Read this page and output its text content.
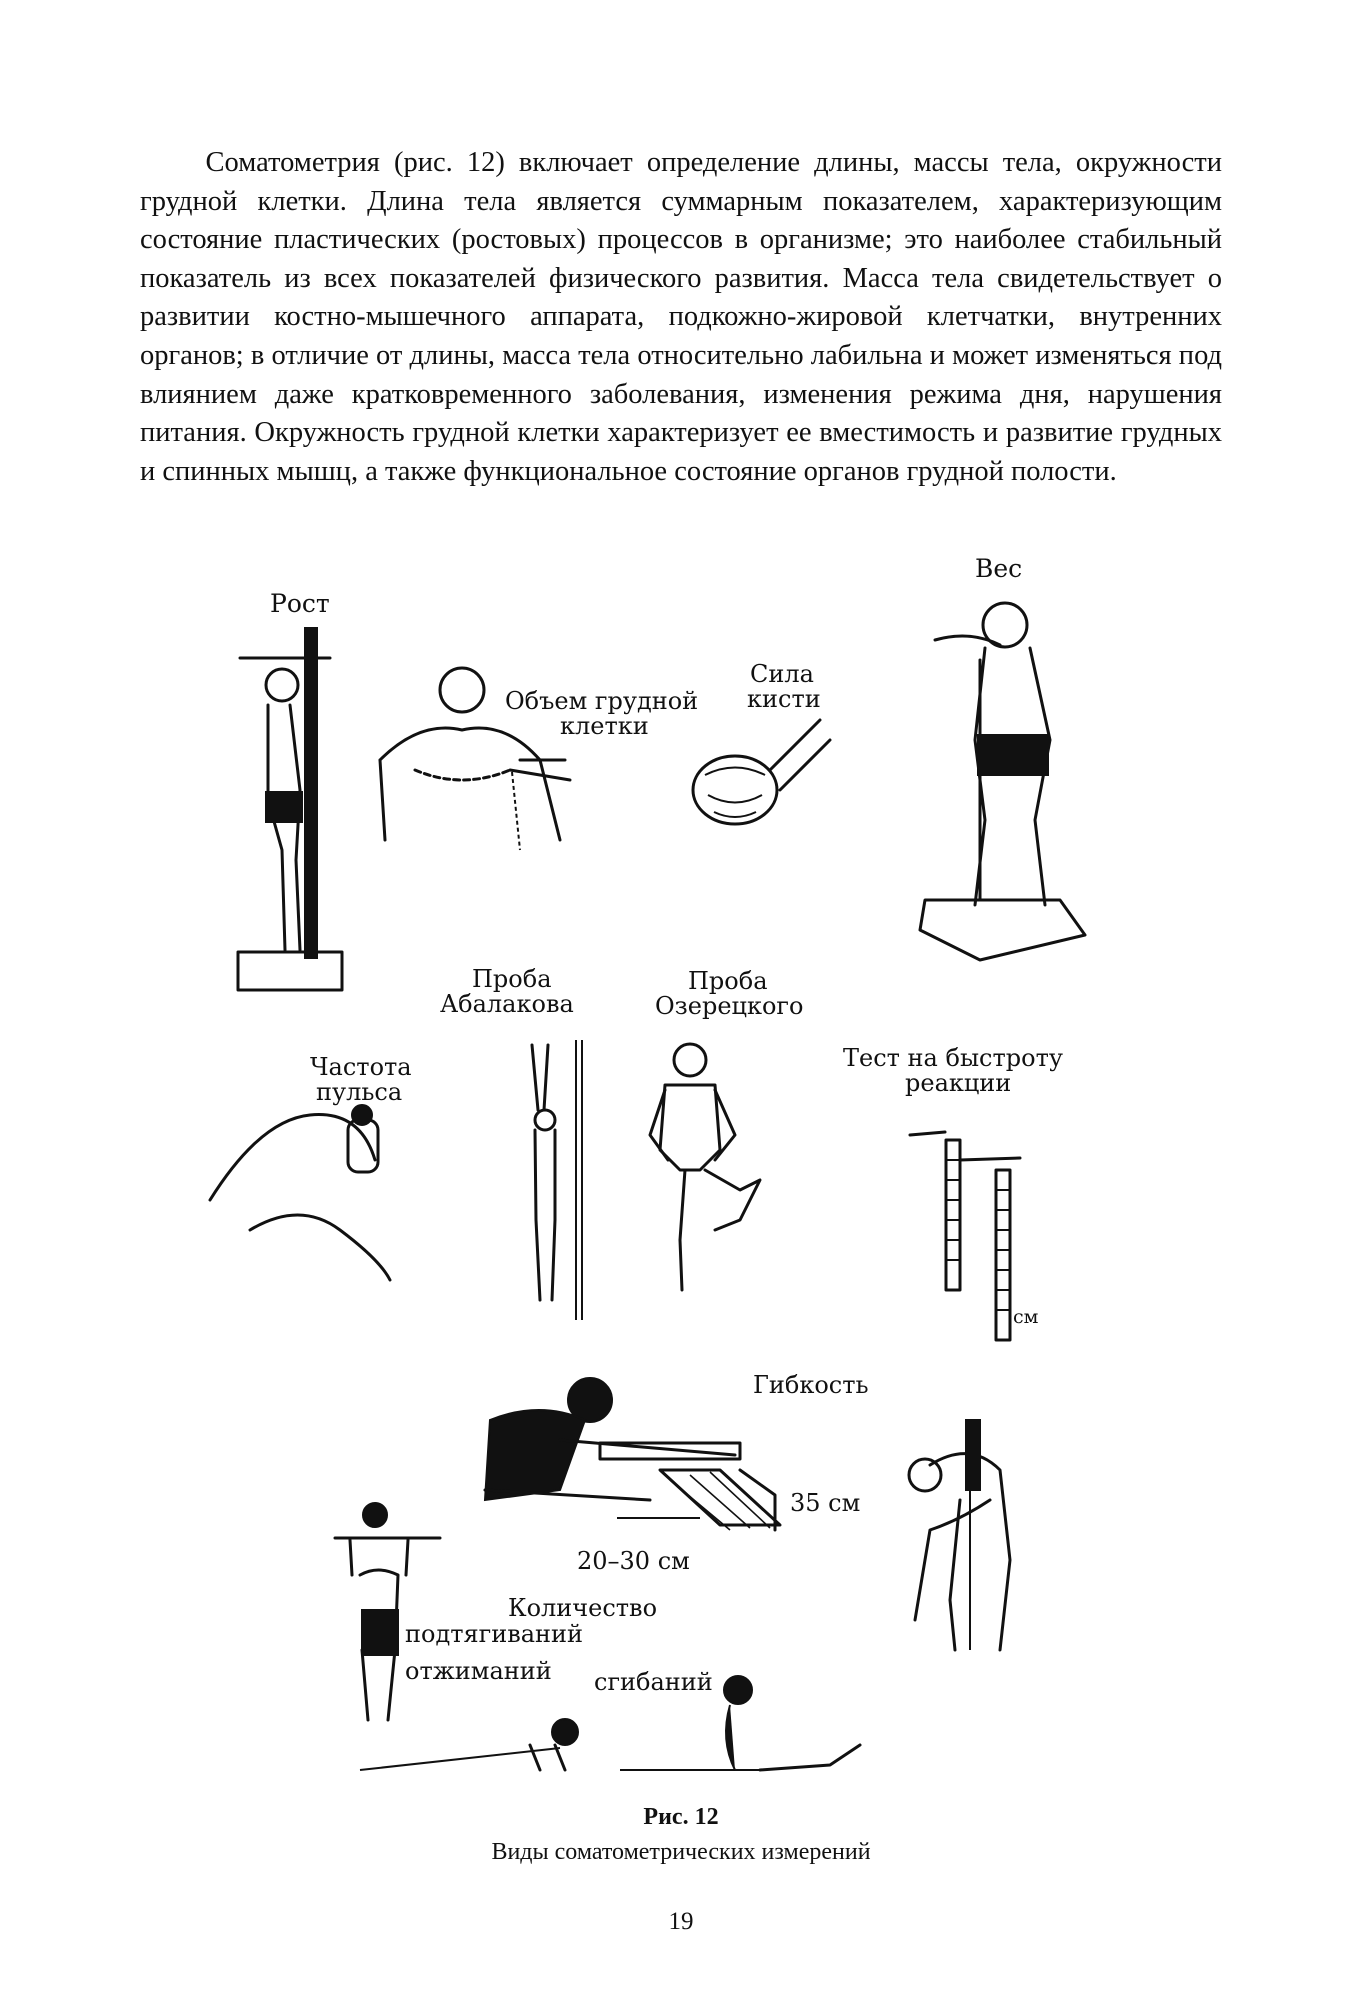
Соматометрия (рис. 12) включает определение длины, массы тела, окружности грудной клетки. Длина тела является суммарным показателем, характеризующим состояние пластических (ростовых) процессов в организме; это наиболее стабильный показатель из всех показателей физического развития. Масса тела свидетельствует о развитии костно-мышечного аппарата, подкожно-жировой клетчатки, внутренних органов; в отличие от длины, масса тела относительно лабильна и может изменяться под влиянием даже кратковременного заболевания, изменения режима дня, нарушения питания. Окружность грудной клетки характеризует ее вместимость и развитие грудных и спинных мышц, а также функциональное состояние органов грудной полости.

см
Рост
Вес
Объем грудной
клетки
Сила
кисти
Проба
Абалакова
Проба
Озерецкого
Частота
пульса
Тест на быстроту
реакции
Гибкость
35 см
20–30 см
Количество
подтягиваний
отжиманий сгибаний
Рис. 12
Виды соматометрических измерений
19
